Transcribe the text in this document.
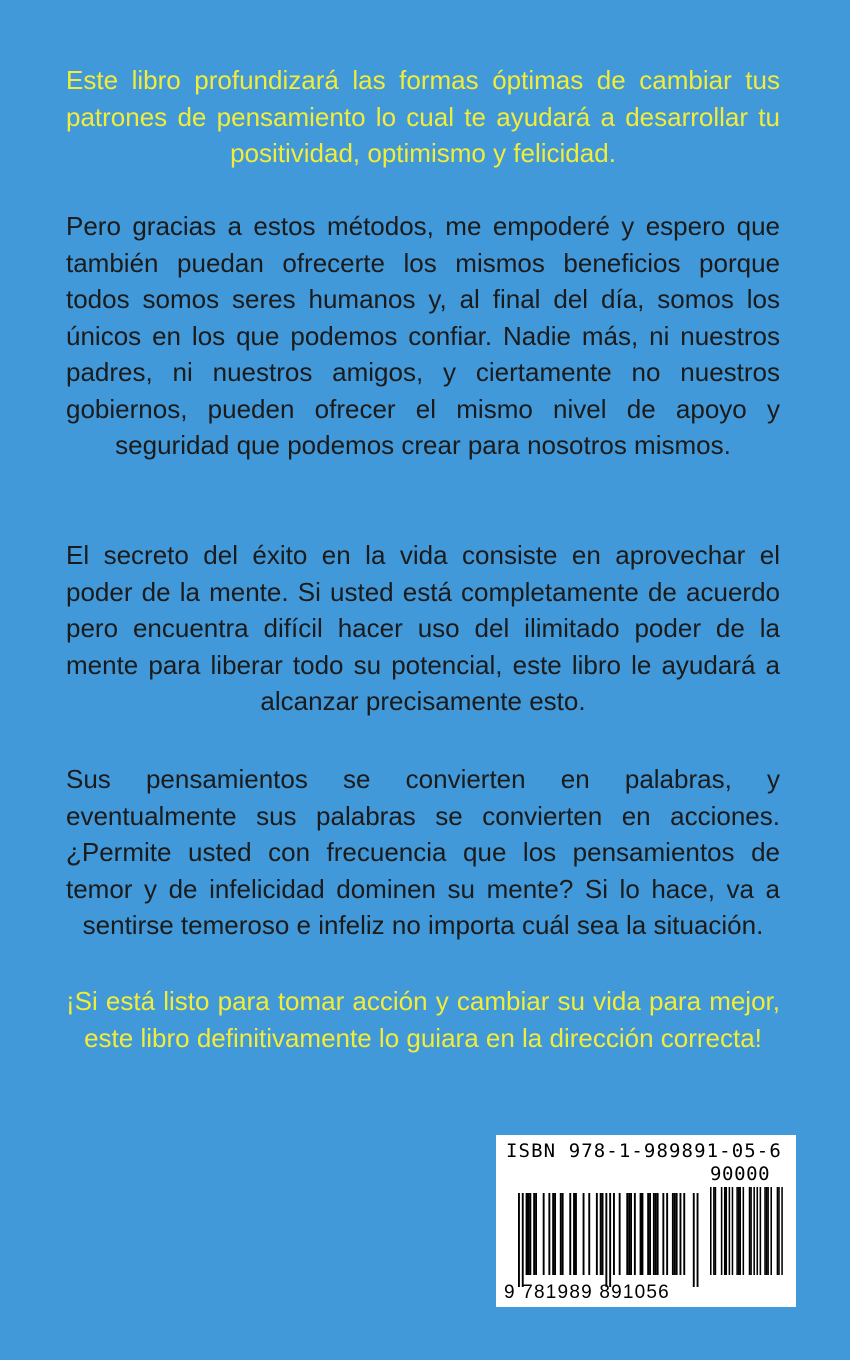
Este libro profundizará las formas óptimas de cambiar tus patrones de pensamiento lo cual te ayudará a desarrollar tu positividad, optimismo y felicidad.

Pero gracias a estos métodos, me empoderé y espero que también puedan ofrecerte los mismos beneficios porque todos somos seres humanos y, al final del día, somos los únicos en los que podemos confiar. Nadie más, ni nuestros padres, ni nuestros amigos, y ciertamente no nuestros gobiernos, pueden ofrecer el mismo nivel de apoyo y seguridad que podemos crear para nosotros mismos.

El secreto del éxito en la vida consiste en aprovechar el poder de la mente. Si usted está completamente de acuerdo pero encuentra difícil hacer uso del ilimitado poder de la mente para liberar todo su potencial, este libro le ayudará a alcanzar precisamente esto.

Sus pensamientos se convierten en palabras, y eventualmente sus palabras se convierten en acciones. ¿Permite usted con frecuencia que los pensamientos de temor y de infelicidad dominen su mente? Si lo hace, va a sentirse temeroso e infeliz no importa cuál sea la situación.

¡Si está listo para tomar acción y cambiar su vida para mejor, este libro definitivamente lo guiara en la dirección correcta!

ISBN 978-1-989891-05-6
90000
9 781989 891056
